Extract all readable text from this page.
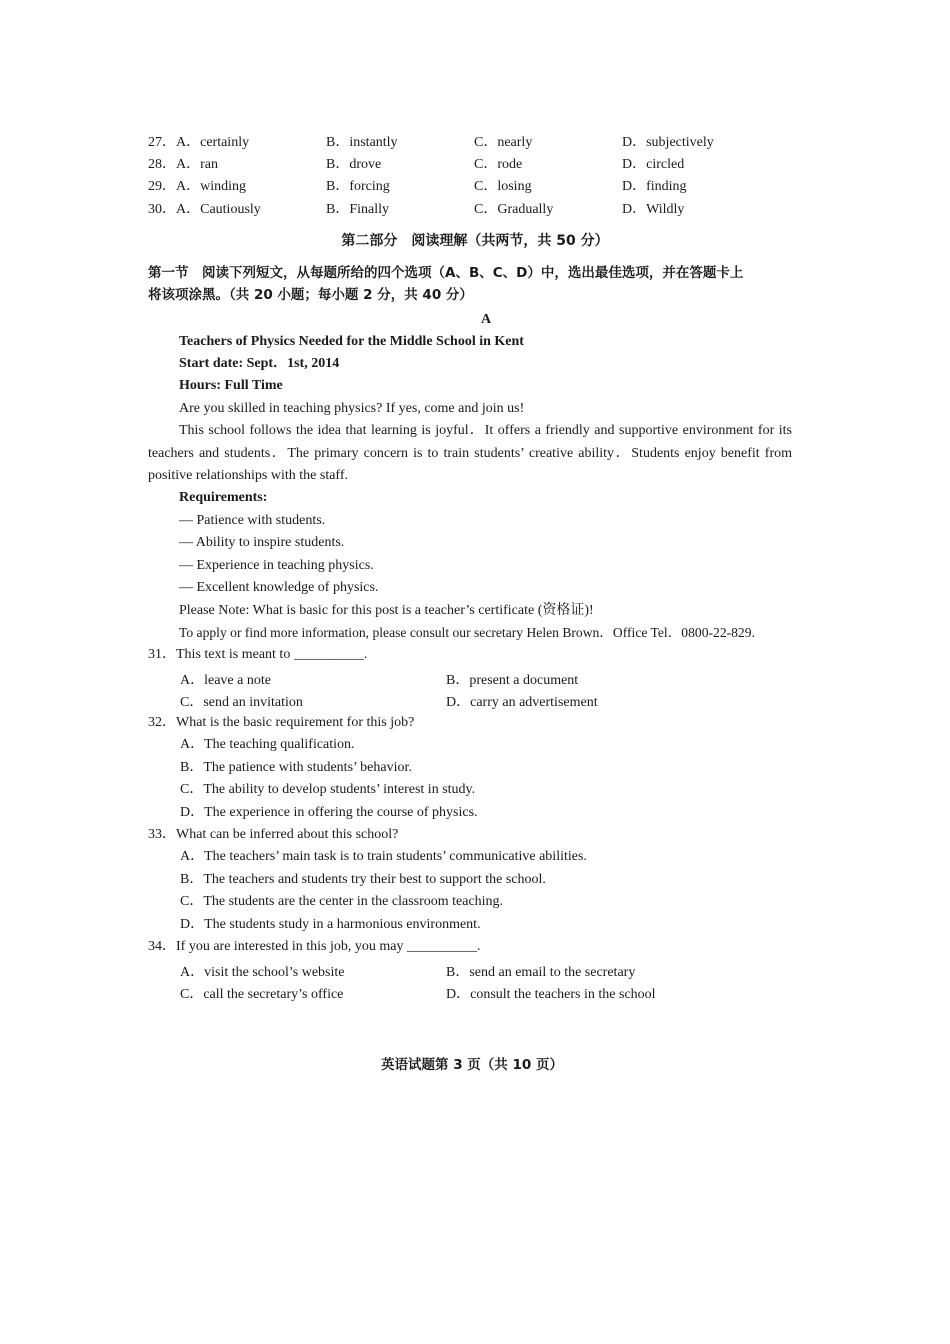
27． A．certainly	B．instantly	C．nearly	D．subjectively
28． A．ran	B．drove	C．rode	D．circled
29． A．winding	B．forcing	C．losing	D．finding
30． A．Cautiously	B．Finally	C．Gradually	D．Wildly
第二部分　阅读理解（共两节，共 50 分）
第一节　阅读下列短文，从每题所给的四个选项（A、B、C、D）中，选出最佳选项，并在答题卡上
将该项涂黑。（共 20 小题；每小题 2 分，共 40 分）
A
Teachers of Physics Needed for the Middle School in Kent
Start date: Sept．1st, 2014
Hours: Full Time
Are you skilled in teaching physics? If yes, come and join us!
This school follows the idea that learning is joyful．It offers a friendly and supportive environment for its teachers and students．The primary concern is to train students’ creative ability．Students enjoy benefit from positive relationships with the staff.
Requirements:
— Patience with students.
— Ability to inspire students.
— Experience in teaching physics.
— Excellent knowledge of physics.
Please Note: What is basic for this post is a teacher’s certificate (资格证)!
To apply or find more information, please consult our secretary Helen Brown．Office Tel．0800-22-829.
31．This text is meant to __________.
A．leave a note	B．present a document
C．send an invitation	D．carry an advertisement
32．What is the basic requirement for this job?
A．The teaching qualification.
B．The patience with students’ behavior.
C．The ability to develop students’ interest in study.
D．The experience in offering the course of physics.
33．What can be inferred about this school?
A．The teachers’ main task is to train students’ communicative abilities.
B．The teachers and students try their best to support the school.
C．The students are the center in the classroom teaching.
D．The students study in a harmonious environment.
34．If you are interested in this job, you may __________.
A．visit the school’s website	B．send an email to the secretary
C．call the secretary’s office	D．consult the teachers in the school
英语试题第 3 页（共 10 页）
